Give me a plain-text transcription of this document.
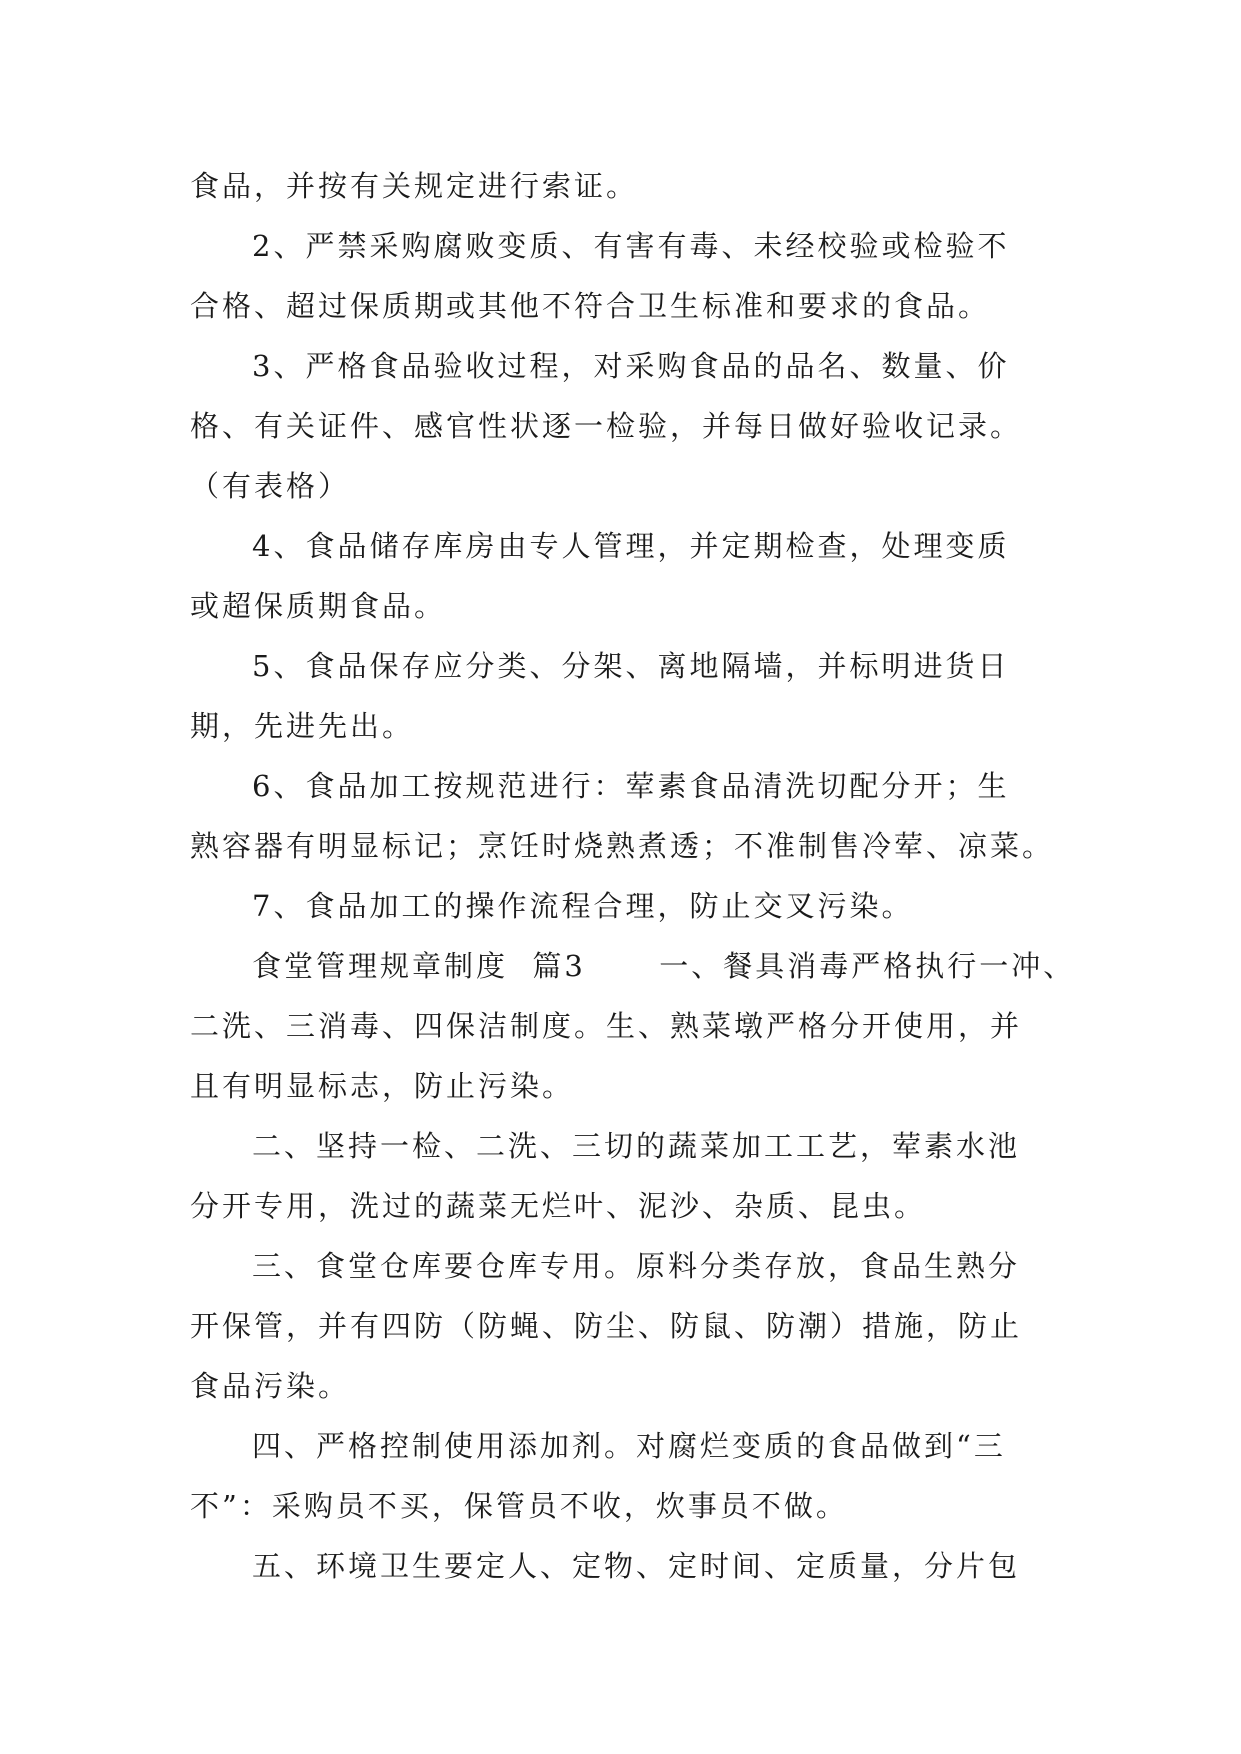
食品，并按有关规定进行索证。
2、严禁采购腐败变质、有害有毒、未经校验或检验不
合格、超过保质期或其他不符合卫生标准和要求的食品。
3、严格食品验收过程，对采购食品的品名、数量、价
格、有关证件、感官性状逐一检验，并每日做好验收记录。
（有表格）
4、食品储存库房由专人管理，并定期检查，处理变质
或超保质期食品。
5、食品保存应分类、分架、离地隔墙，并标明进货日
期，先进先出。
6、食品加工按规范进行：荤素食品清洗切配分开；生
熟容器有明显标记；烹饪时烧熟煮透；不准制售冷荤、凉菜。
7、食品加工的操作流程合理，防止交叉污染。
食堂管理规章制度  篇3      一、餐具消毒严格执行一冲、
二洗、三消毒、四保洁制度。生、熟菜墩严格分开使用，并
且有明显标志，防止污染。
二、坚持一检、二洗、三切的蔬菜加工工艺，荤素水池
分开专用，洗过的蔬菜无烂叶、泥沙、杂质、昆虫。
三、食堂仓库要仓库专用。原料分类存放，食品生熟分
开保管，并有四防（防蝇、防尘、防鼠、防潮）措施，防止
食品污染。
四、严格控制使用添加剂。对腐烂变质的食品做到“三
不”：采购员不买，保管员不收，炊事员不做。
五、环境卫生要定人、定物、定时间、定质量，分片包
